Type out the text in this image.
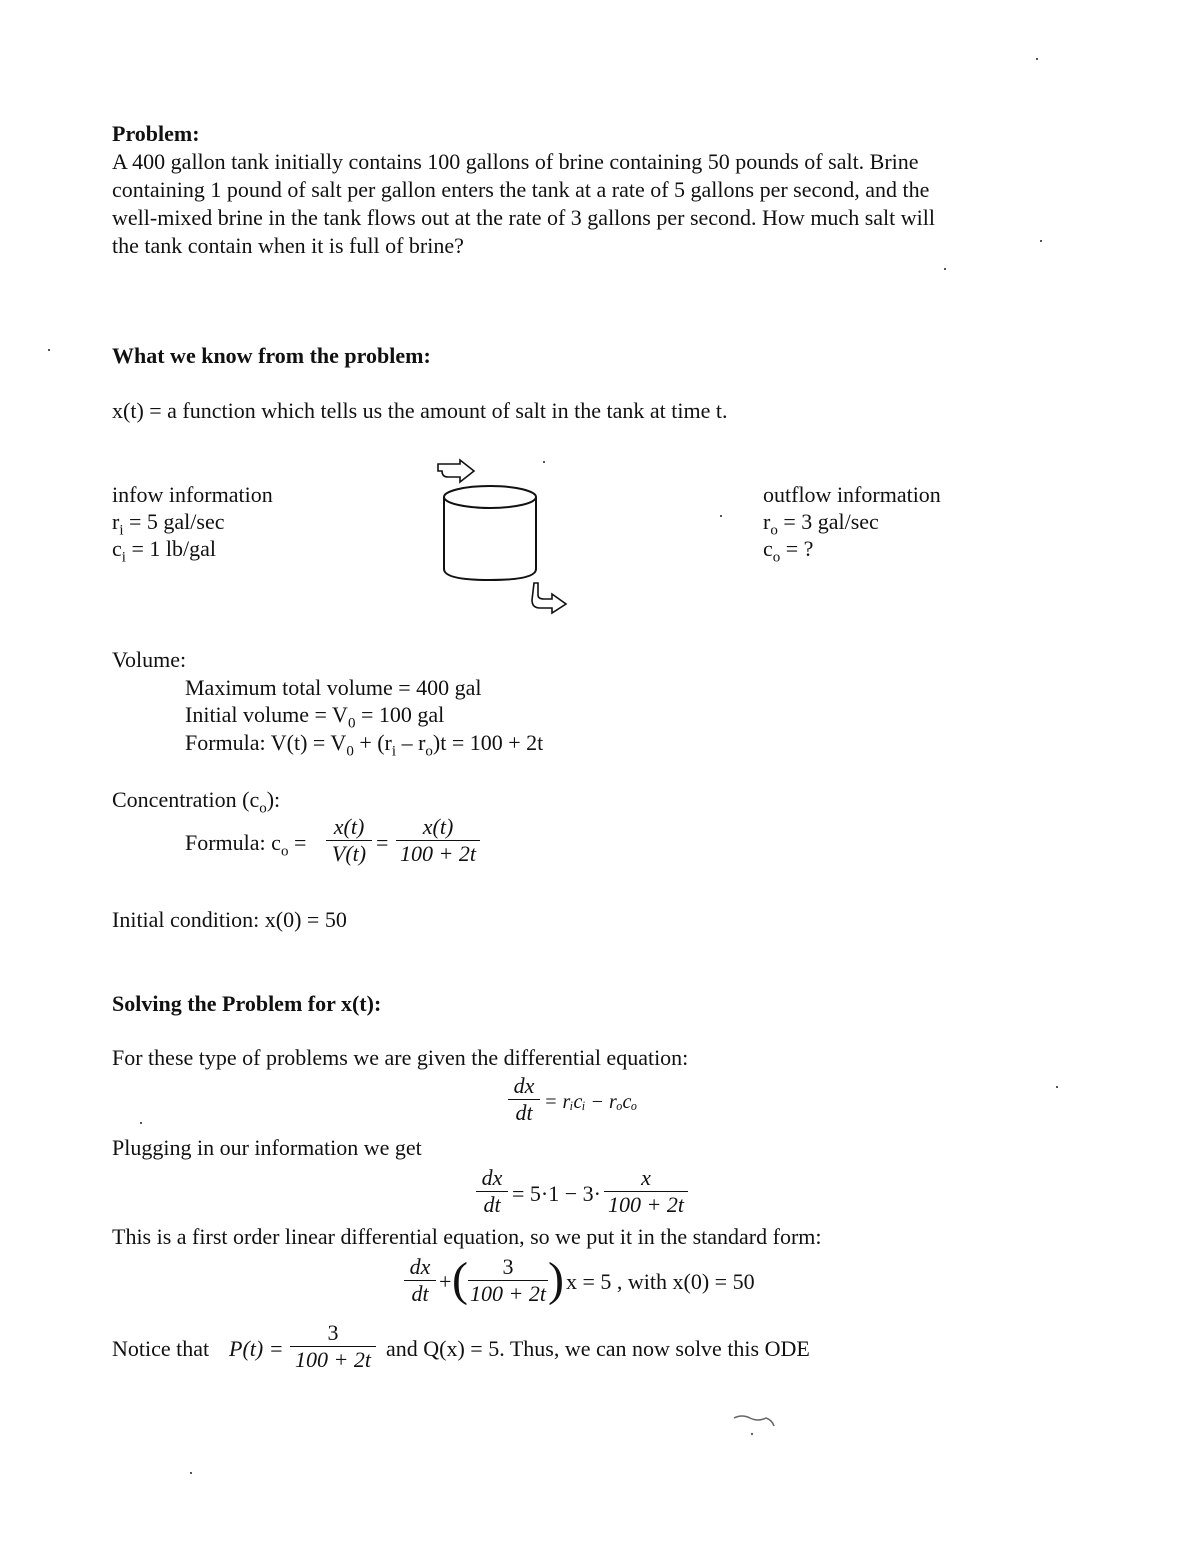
Problem:
A 400 gallon tank initially contains 100 gallons of brine containing 50 pounds of salt. Brine
containing 1 pound of salt per gallon enters the tank at a rate of 5 gallons per second, and the
well-mixed brine in the tank flows out at the rate of 3 gallons per second. How much salt will
the tank contain when it is full of brine?
What we know from the problem:
x(t) = a function which tells us the amount of salt in the tank at time t.
infow information
$r_i = 5$ gal/sec
$c_i = 1$ lb/gal
outflow information
$r_o = 3$ gal/sec
$c_o$ = ?
Volume:
Maximum total volume = 400 gal
Initial volume = $V_0 = 100$ gal
Formula: $V(t) = V_0 + (r_i - r_o)t = 100 + 2t$
Concentration $(c_o)$:
Formula: $c_o = \frac{x(t)}{V(t)} = \frac{x(t)}{100 + 2t}$
Initial condition: x(0) = 50
Solving the Problem for x(t):
For these type of problems we are given the differential equation:
$\frac{dx}{dt}$ = rᵢcᵢ − rₒcₒ
Plugging in our information we get
$\frac{dx}{dt} = 5\cdot 1 - 3\cdot \frac{x}{100 + 2t}$
This is a first order linear differential equation, so we put it in the standard form:
$\frac{dx}{dt}$ + ( $\frac{3}{100 + 2t}$ ) x = 5 , with x(0) = 50
Notice that $P(t) = \frac{3}{100 + 2t}$ and Q(x) = 5. Thus, we can now solve this ODE
